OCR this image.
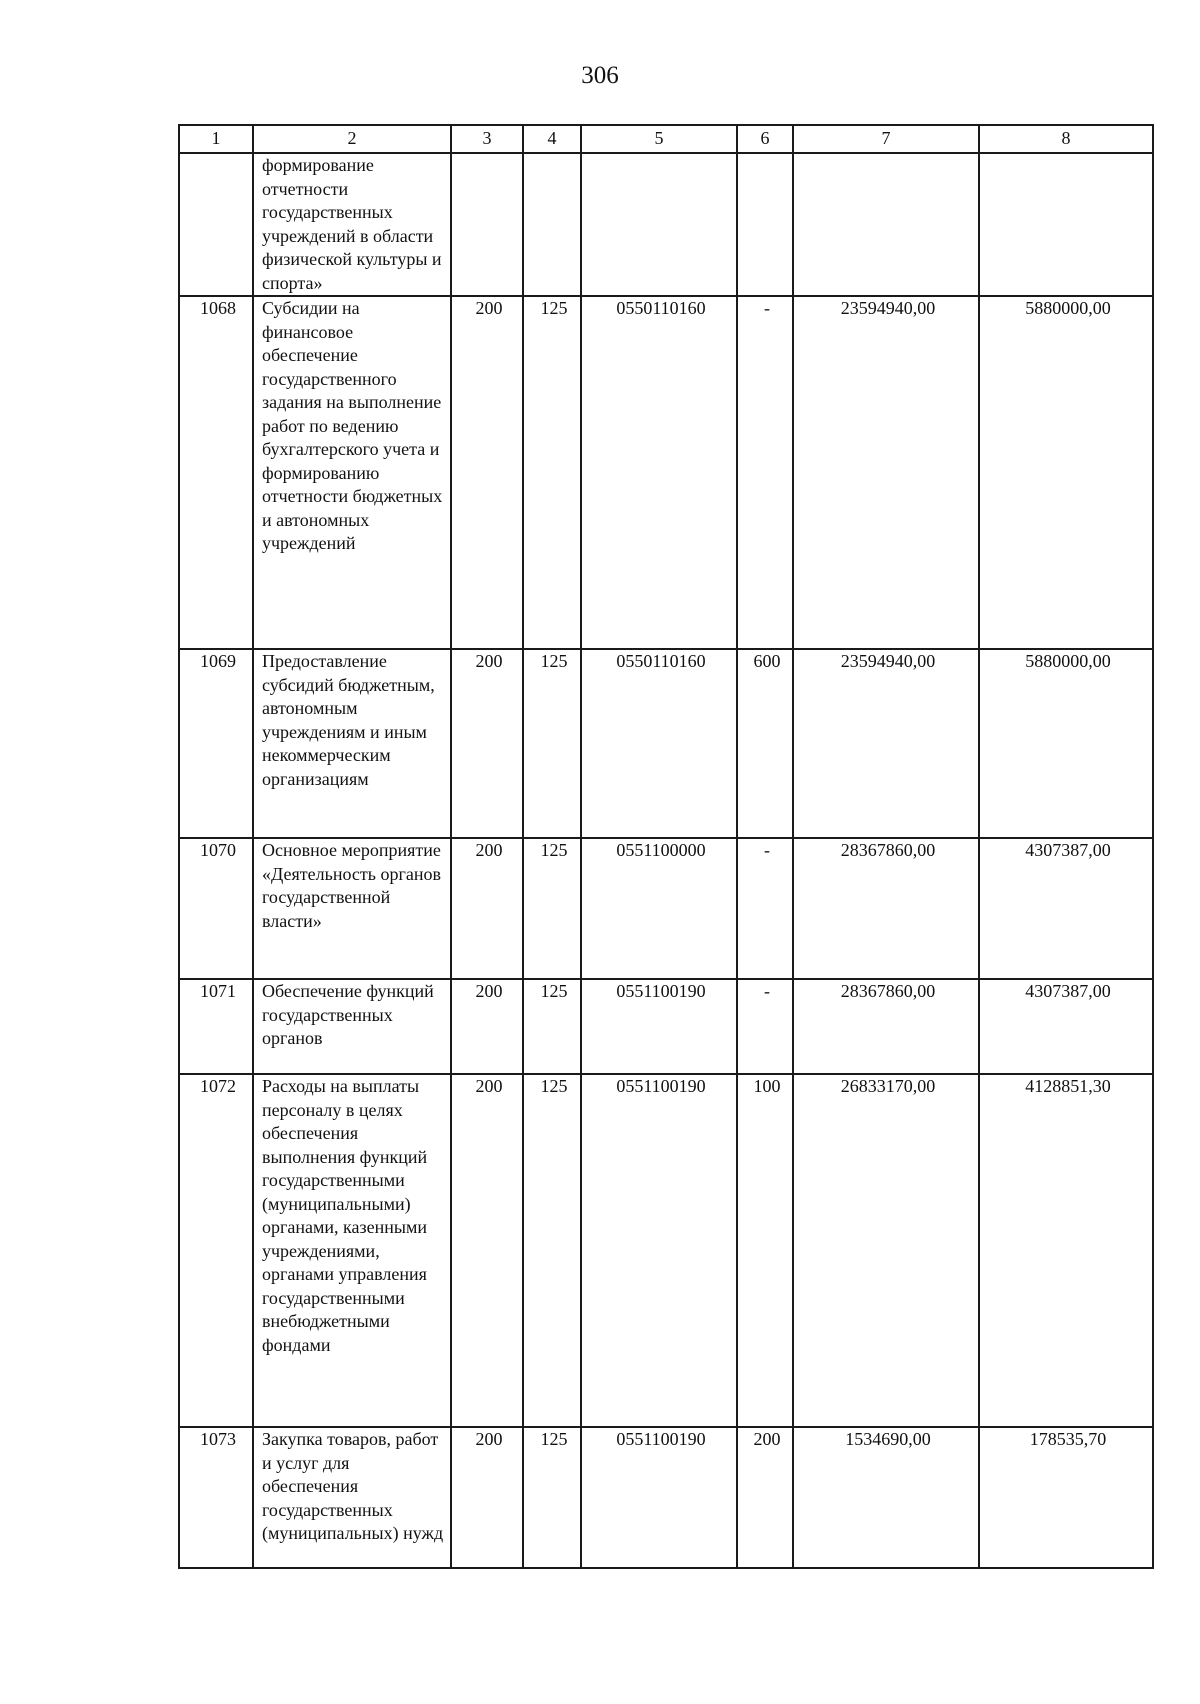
306
1	2	3	4	5	6	7	8
	формирование отчетности государственных учреждений в области физической культуры и спорта»						
1068	Субсидии на финансовое обеспечение государственного задания на выполнение работ по ведению бухгалтерского учета и формированию отчетности бюджетных и автономных учреждений	200	125	0550110160	-	23594940,00	5880000,00
1069	Предоставление субсидий бюджетным, автономным учреждениям и иным некоммерческим организациям	200	125	0550110160	600	23594940,00	5880000,00
1070	Основное мероприятие «Деятельность органов государственной власти»	200	125	0551100000	-	28367860,00	4307387,00
1071	Обеспечение функций государственных органов	200	125	0551100190	-	28367860,00	4307387,00
1072	Расходы на выплаты персоналу в целях обеспечения выполнения функций государственными (муниципальными) органами, казенными учреждениями, органами управления государственными внебюджетными фондами	200	125	0551100190	100	26833170,00	4128851,30
1073	Закупка товаров, работ и услуг для обеспечения государственных (муниципальных) нужд	200	125	0551100190	200	1534690,00	178535,70
